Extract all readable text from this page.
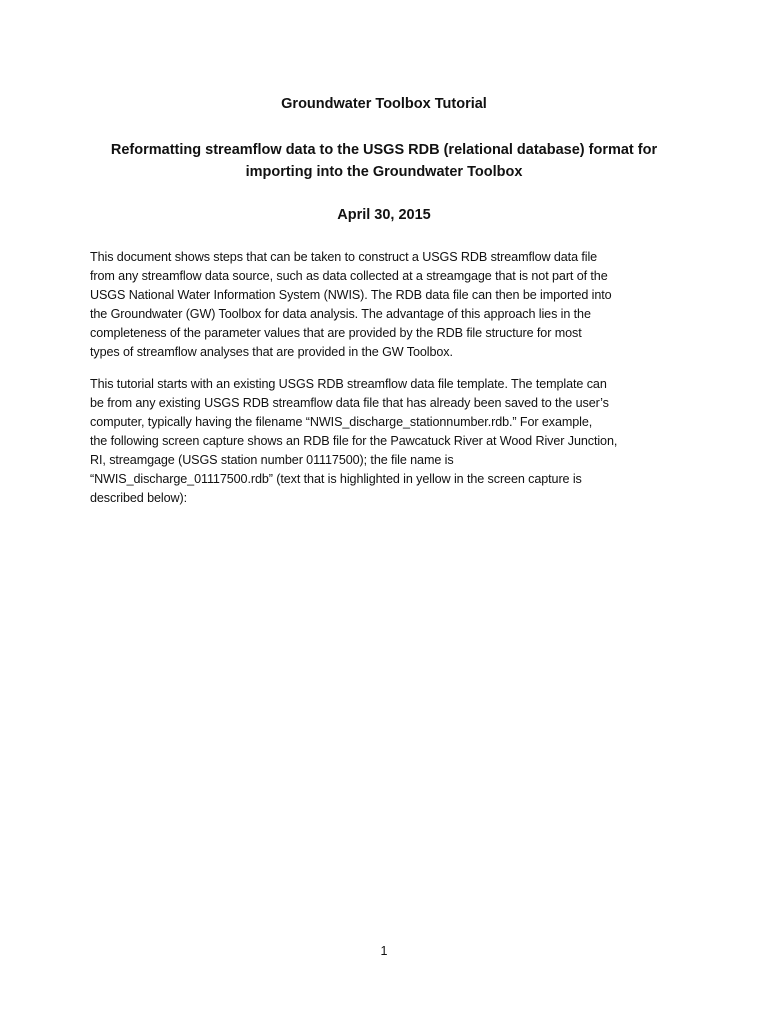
Groundwater Toolbox Tutorial
Reformatting streamflow data to the USGS RDB (relational database) format for
importing into the Groundwater Toolbox
April 30, 2015

This document shows steps that can be taken to construct a USGS RDB streamflow data file
from any streamflow data source, such as data collected at a streamgage that is not part of the
USGS National Water Information System (NWIS). The RDB data file can then be imported into
the Groundwater (GW) Toolbox for data analysis. The advantage of this approach lies in the
completeness of the parameter values that are provided by the RDB file structure for most
types of streamflow analyses that are provided in the GW Toolbox.

This tutorial starts with an existing USGS RDB streamflow data file template. The template can
be from any existing USGS RDB streamflow data file that has already been saved to the user’s
computer, typically having the filename “NWIS_discharge_stationnumber.rdb.” For example,
the following screen capture shows an RDB file for the Pawcatuck River at Wood River Junction,
RI, streamgage (USGS station number 01117500); the file name is
“NWIS_discharge_01117500.rdb” (text that is highlighted in yellow in the screen capture is
described below):

1
